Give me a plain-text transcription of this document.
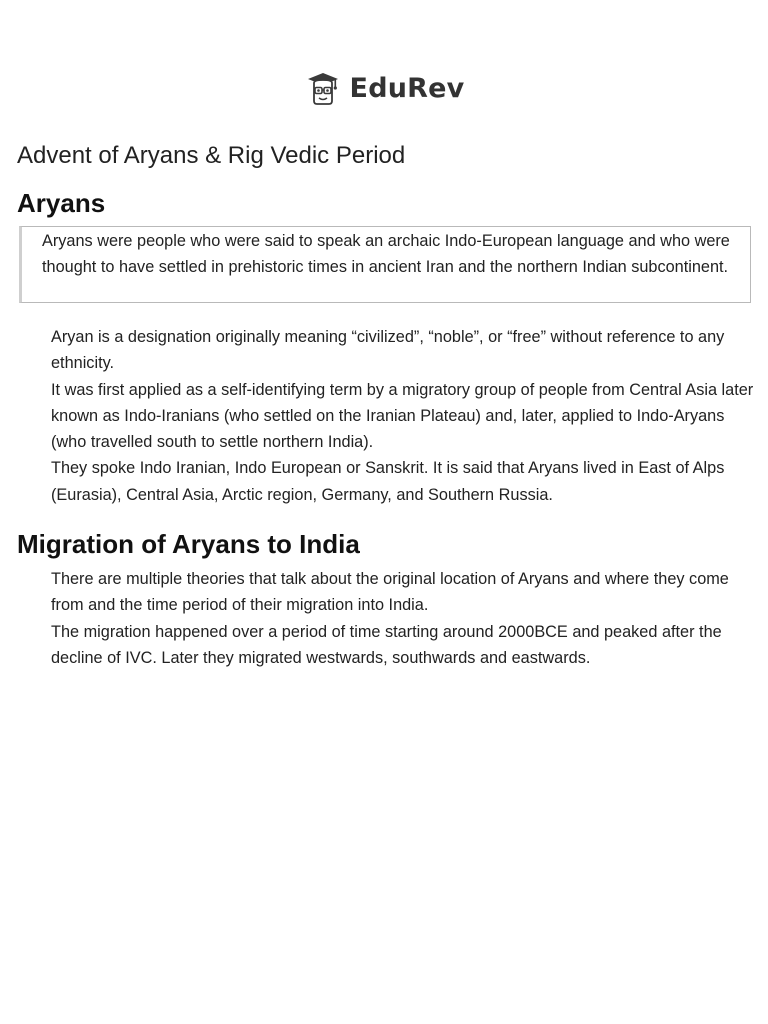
EduRev
Advent of Aryans & Rig Vedic Period
Aryans

Aryans were people who were said to speak an archaic Indo-European language and who were thought to have settled in prehistoric times in ancient Iran and the northern Indian subcontinent.

Aryan is a designation originally meaning “civilized”, “noble”, or “free” without reference to any ethnicity.

It was first applied as a self-identifying term by a migratory group of people from Central Asia later known as Indo-Iranians (who settled on the Iranian Plateau) and, later, applied to Indo-Aryans (who travelled south to settle northern India).

They spoke Indo Iranian, Indo European or Sanskrit. It is said that Aryans lived in East of Alps (Eurasia), Central Asia, Arctic region, Germany, and Southern Russia.

Migration of Aryans to India

There are multiple theories that talk about the original location of Aryans and where they come from and the time period of their migration into India.

The migration happened over a period of time starting around 2000BCE and peaked after the decline of IVC. Later they migrated westwards, southwards and eastwards.
